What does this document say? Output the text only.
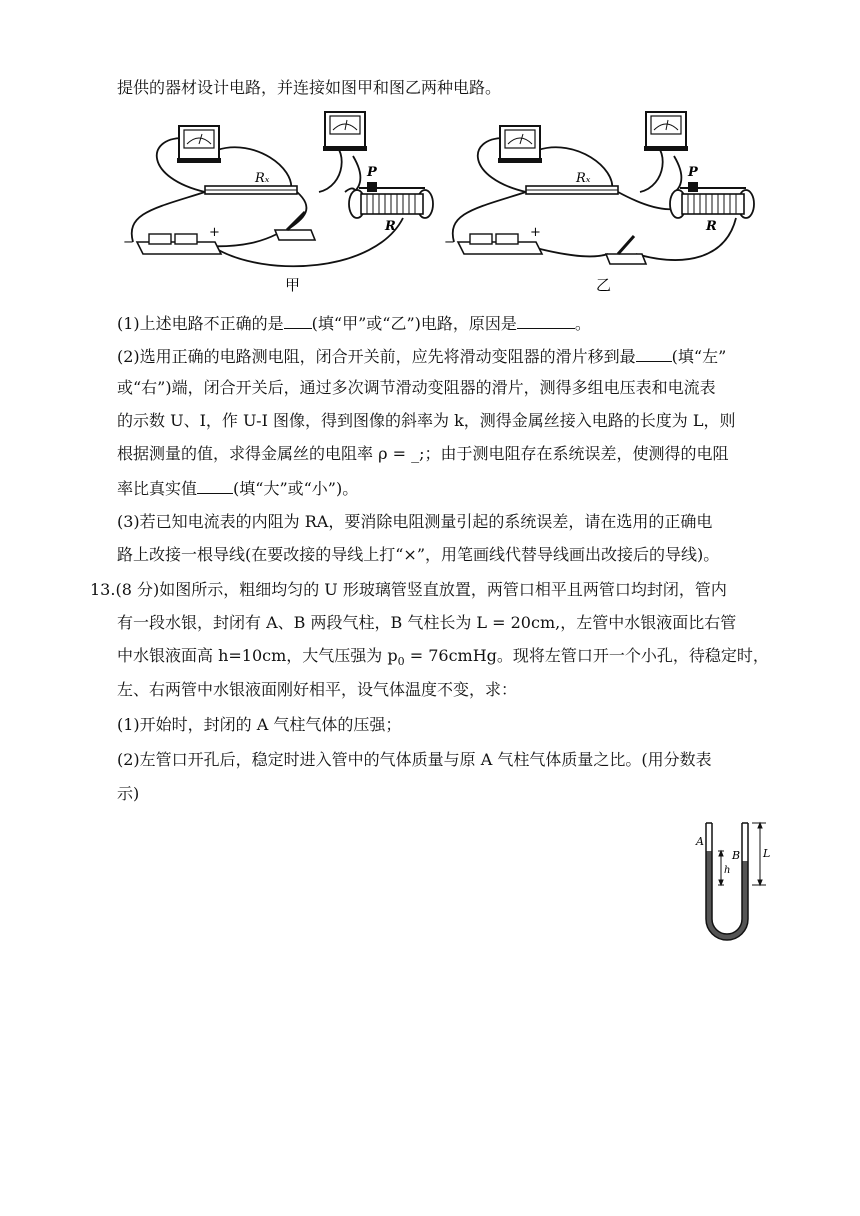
提供的器材设计电路，并连接如图甲和图乙两种电路。
Rₓ	P
R
−
+
甲
Rₓ	P
R
−
+
乙
(1)上述电路不正确的是 (填“甲”或“乙”)电路，原因是	。
(2)选用正确的电路测电阻，闭合开关前，应先将滑动变阻器的滑片移到最 (填“左”
或“右”)端，闭合开关后，通过多次调节滑动变阻器的滑片，测得多组电压表和电流表
的示数 U、I，作 U-I 图像，得到图像的斜率为 k，测得金属丝接入电路的长度为 L，则
根据测量的值，求得金属丝的电阻率 ρ = _;；由于测电阻存在系统误差，使测得的电阻
率比真实值 (填“大”或“小”)。
(3)若已知电流表的内阻为 RA，要消除电阻测量引起的系统误差，请在选用的正确电
路上改接一根导线(在要改接的导线上打“×”，用笔画线代替导线画出改接后的导线)。
13.(8 分)如图所示，粗细均匀的 U 形玻璃管竖直放置，两管口相平且两管口均封闭，管内
有一段水银，封闭有 A、B 两段气柱，B 气柱长为 L = 20cm,，左管中水银液面比右管
中水银液面高 h=10cm，大气压强为 $p_0$ = 76cmHg。现将左管口开一个小孔，待稳定时，
左、右两管中水银液面刚好相平，设气体温度不变，求：
(1)开始时，封闭的 A 气柱气体的压强；
(2)左管口开孔后，稳定时进入管中的气体质量与原 A 气柱气体质量之比。(用分数表
示)
A
B
h
L
